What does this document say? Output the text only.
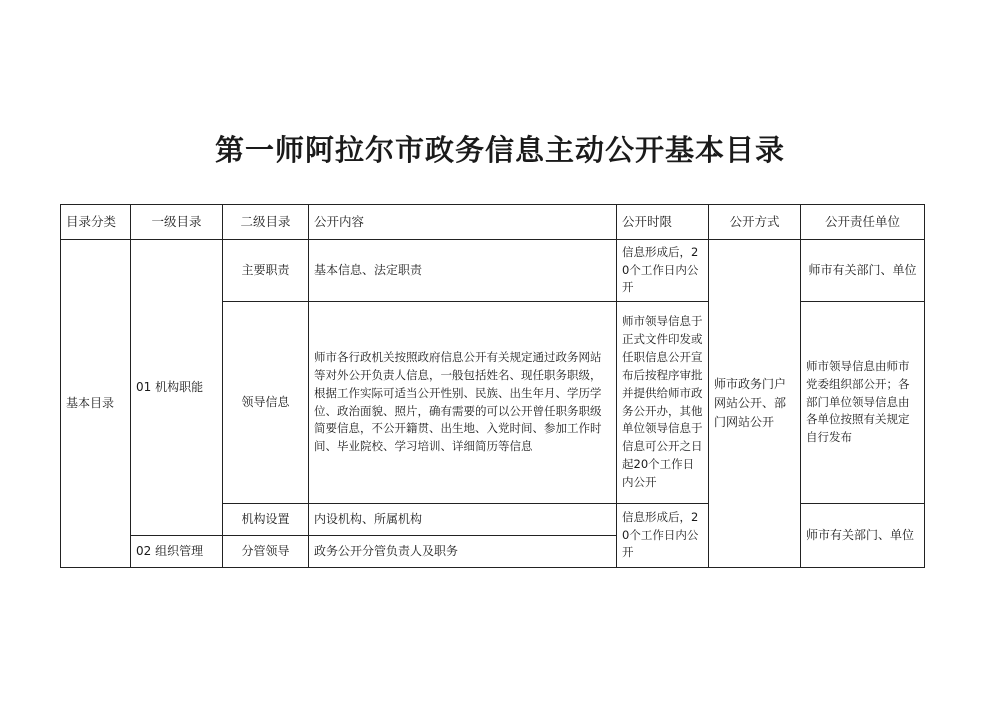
第一师阿拉尔市政务信息主动公开基本目录
目录分类	一级目录	二级目录	公开内容	公开时限	公开方式	公开责任单位
基本目录	01 机构职能	主要职责	基本信息、法定职责	信息形成后，20个工作日内公开	师市政务门户网站公开、部门网站公开	师市有关部门、单位
		领导信息	师市各行政机关按照政府信息公开有关规定通过政务网站等对外公开负责人信息，一般包括姓名、现任职务职级，根据工作实际可适当公开性别、民族、出生年月、学历学位、政治面貌、照片，确有需要的可以公开曾任职务职级简要信息，不公开籍贯、出生地、入党时间、参加工作时间、毕业院校、学习培训、详细简历等信息	师市领导信息于正式文件印发或任职信息公开宣布后按程序审批并提供给师市政务公开办，其他单位领导信息于信息可公开之日起20个工作日内公开		师市领导信息由师市党委组织部公开；各部门单位领导信息由各单位按照有关规定自行发布
		机构设置	内设机构、所属机构	信息形成后，20个工作日内公开		师市有关部门、单位
	02 组织管理	分管领导	政务公开分管负责人及职务			
